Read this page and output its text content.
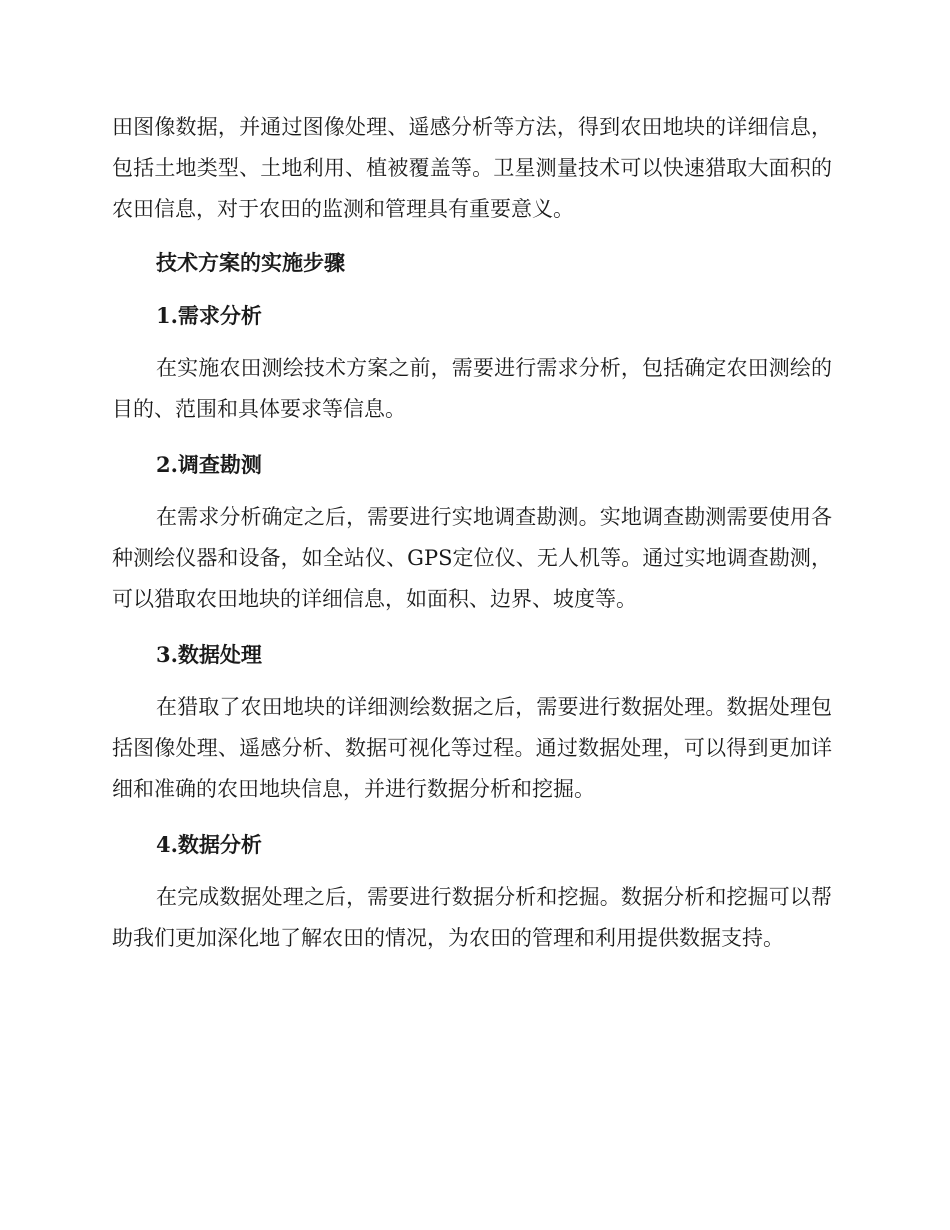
田图像数据，并通过图像处理、遥感分析等方法，得到农田地块的详细信息，包括土地类型、土地利用、植被覆盖等。卫星测量技术可以快速猎取大面积的农田信息，对于农田的监测和管理具有重要意义。

技术方案的实施步骤

1.需求分析

在实施农田测绘技术方案之前，需要进行需求分析，包括确定农田测绘的目的、范围和具体要求等信息。

2.调查勘测

在需求分析确定之后，需要进行实地调查勘测。实地调查勘测需要使用各种测绘仪器和设备，如全站仪、GPS定位仪、无人机等。通过实地调查勘测，可以猎取农田地块的详细信息，如面积、边界、坡度等。

3.数据处理

在猎取了农田地块的详细测绘数据之后，需要进行数据处理。数据处理包括图像处理、遥感分析、数据可视化等过程。通过数据处理，可以得到更加详细和准确的农田地块信息，并进行数据分析和挖掘。

4.数据分析

在完成数据处理之后，需要进行数据分析和挖掘。数据分析和挖掘可以帮助我们更加深化地了解农田的情况，为农田的管理和利用提供数据支持。
